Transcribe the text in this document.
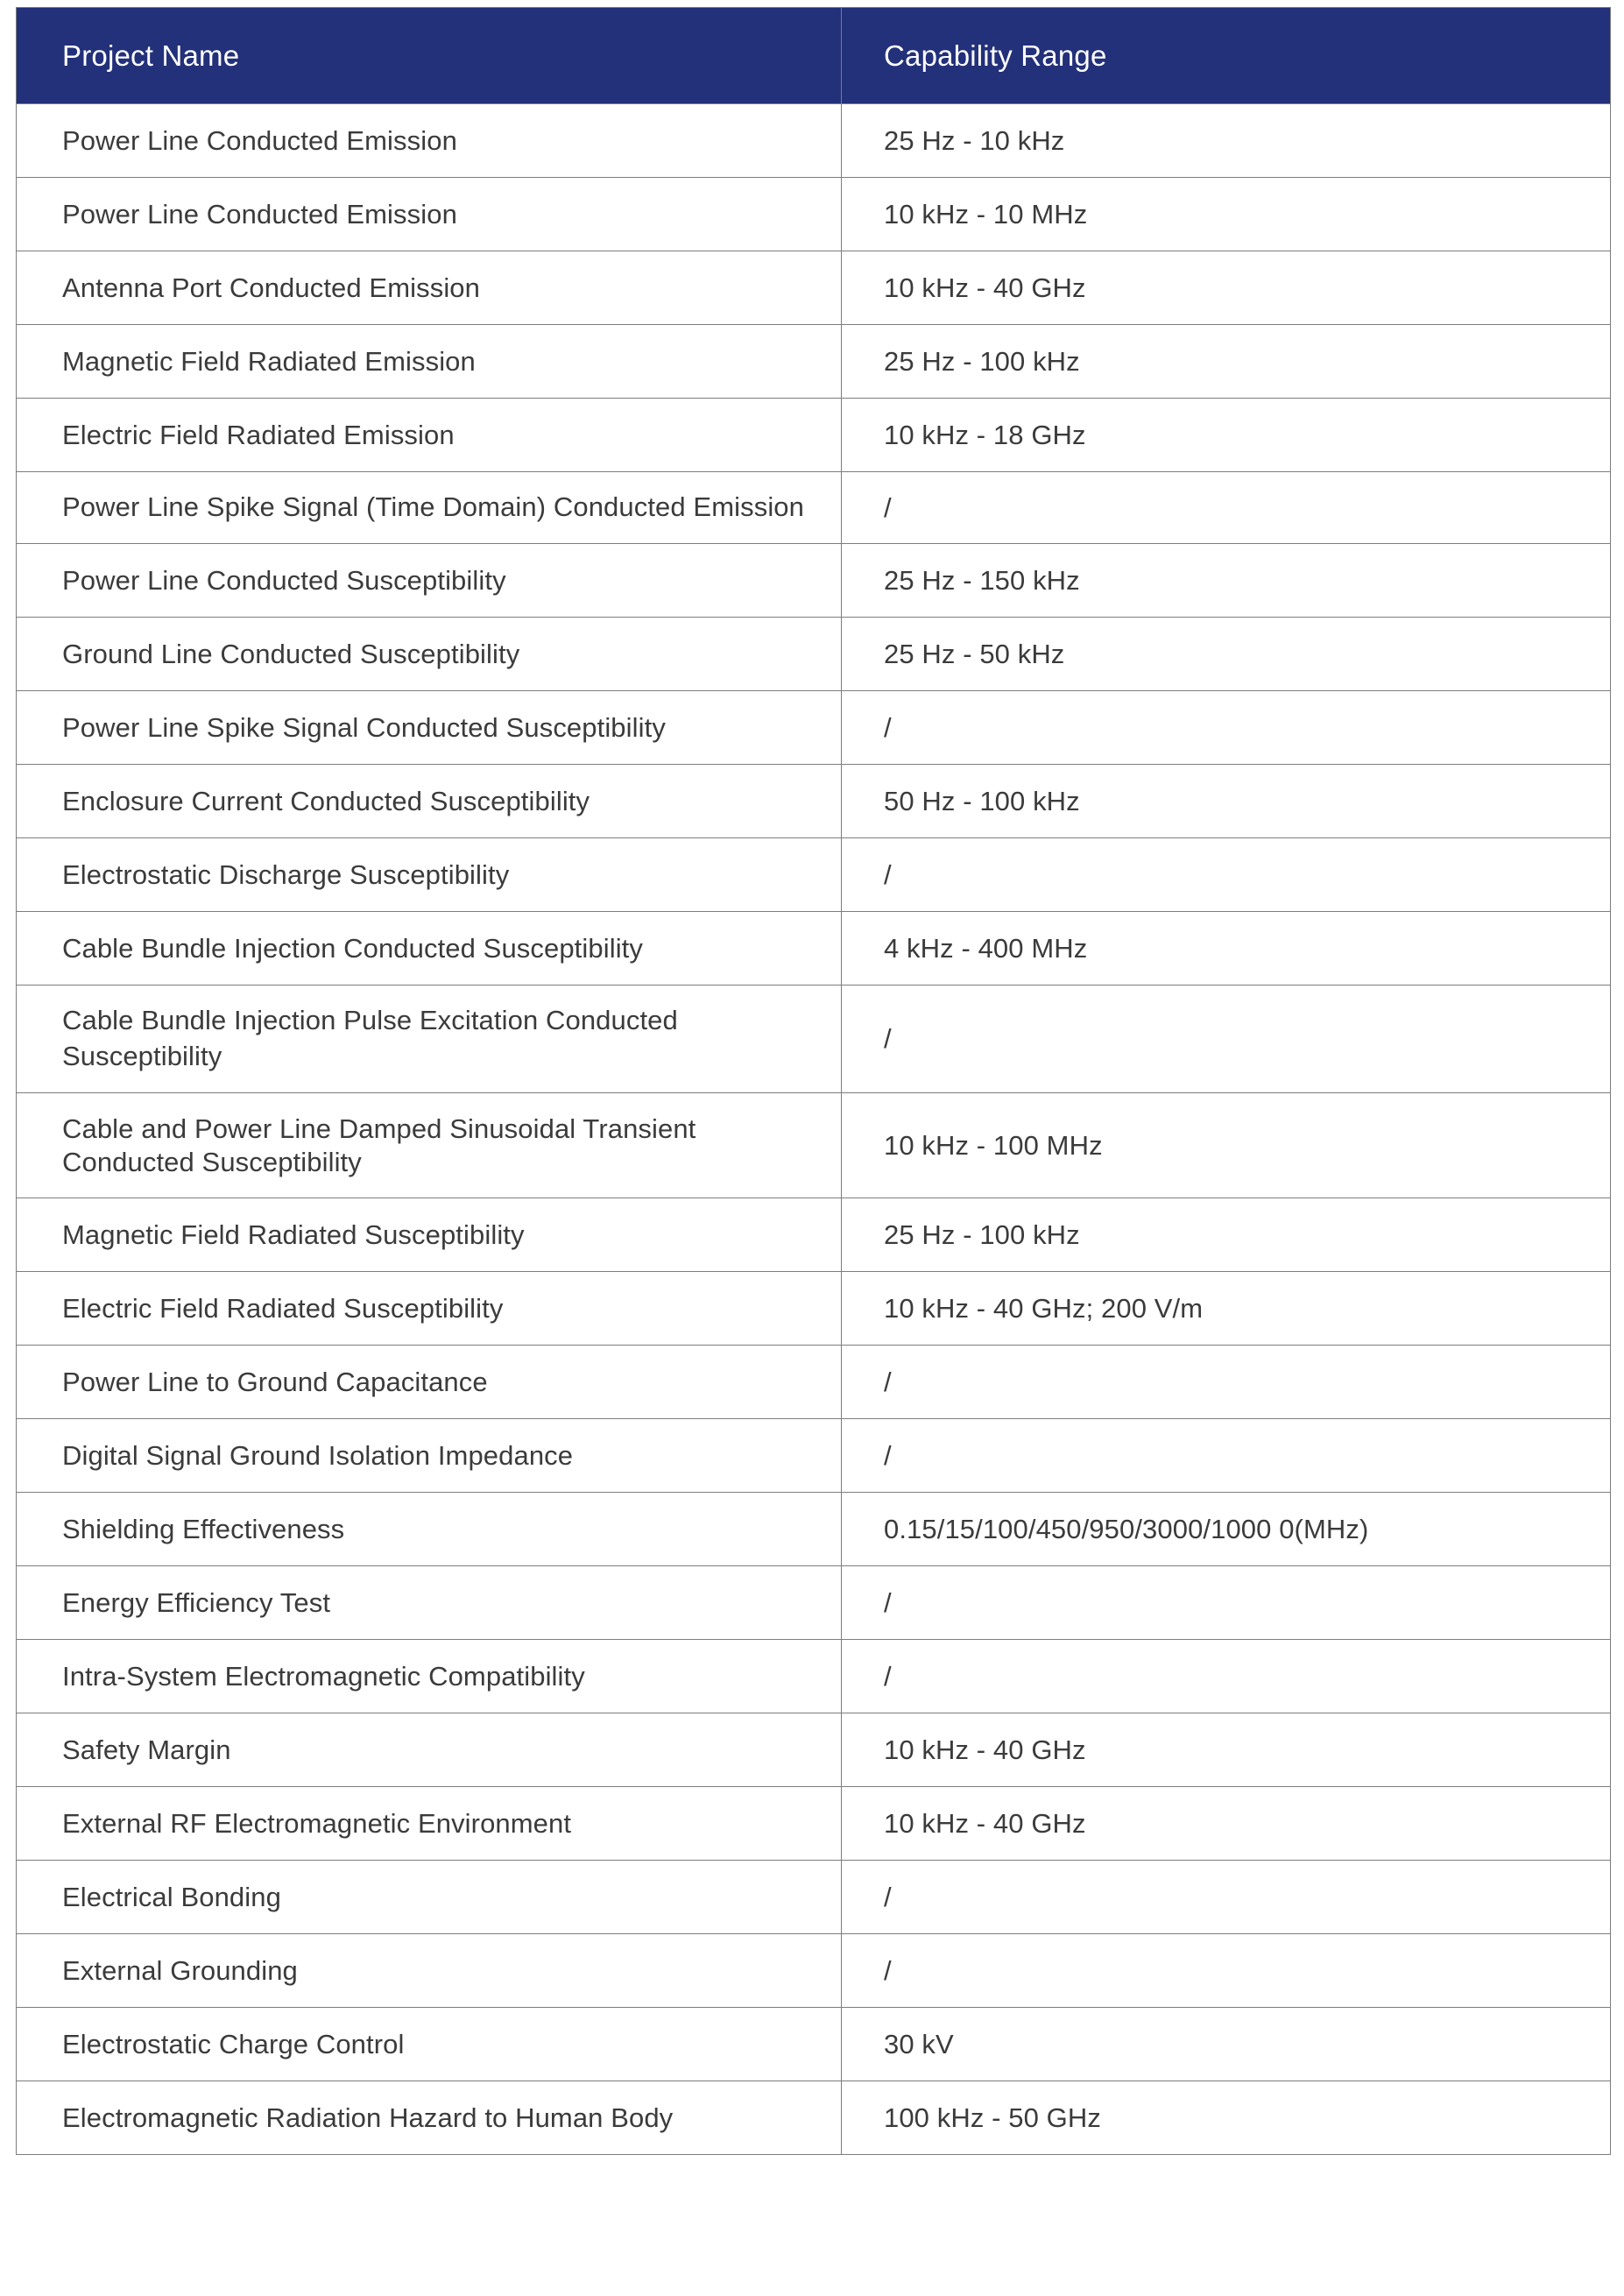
Project Name	Capability Range

Power Line Conducted Emission	25 Hz - 10 kHz

Power Line Conducted Emission	10 kHz - 10 MHz

Antenna Port Conducted Emission	10 kHz - 40 GHz

Magnetic Field Radiated Emission	25 Hz - 100 kHz

Electric Field Radiated Emission	10 kHz - 18 GHz

Power Line Spike Signal (Time Domain) Conducted Emission	/

Power Line Conducted Susceptibility	25 Hz - 150 kHz

Ground Line Conducted Susceptibility	25 Hz - 50 kHz

Power Line Spike Signal Conducted Susceptibility	/

Enclosure Current Conducted Susceptibility	50 Hz - 100 kHz

Electrostatic Discharge Susceptibility	/

Cable Bundle Injection Conducted Susceptibility	4 kHz - 400 MHz

Cable Bundle Injection Pulse Excitation Conducted Susceptibility	/

Cable and Power Line Damped Sinusoidal Transient Conducted Susceptibility	10 kHz - 100 MHz

Magnetic Field Radiated Susceptibility	25 Hz - 100 kHz

Electric Field Radiated Susceptibility	10 kHz - 40 GHz; 200 V/m

Power Line to Ground Capacitance	/

Digital Signal Ground Isolation Impedance	/

Shielding Effectiveness	0.15/15/100/450/950/3000/1000 0(MHz)

Energy Efficiency Test	/

Intra-System Electromagnetic Compatibility	/

Safety Margin	10 kHz - 40 GHz

External RF Electromagnetic Environment	10 kHz - 40 GHz

Electrical Bonding	/

External Grounding	/

Electrostatic Charge Control	30 kV

Electromagnetic Radiation Hazard to Human Body	100 kHz - 50 GHz
